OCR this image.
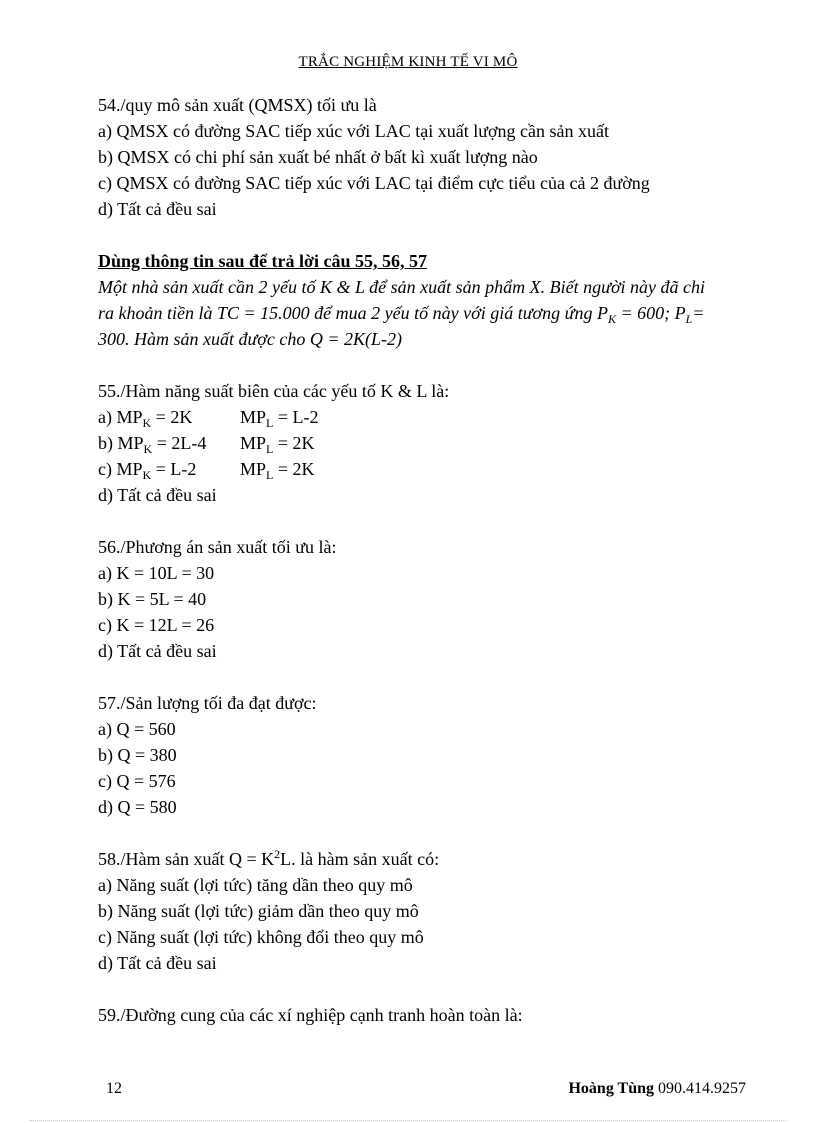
TRẮC NGHIỆM KINH TẾ VI MÔ
54./quy mô sản xuất (QMSX) tối ưu là
a) QMSX có đường SAC tiếp xúc với LAC tại xuất lượng cần sản xuất
b) QMSX có chi phí sản xuất bé nhất ở bất kì xuất lượng nào
c) QMSX có đường SAC tiếp xúc với LAC tại điểm cực tiểu của cả 2 đường
d) Tất cả đều sai
Dùng thông tin sau để trả lời câu 55, 56, 57
Một nhà sản xuất cần 2 yếu tố K & L để sản xuất sản phẩm X. Biết người này đã chi
ra khoản tiền là TC = 15.000 để mua 2 yếu tố này với giá tương ứng $P_K = 600$; $P_L=$
300. Hàm sản xuất được cho Q = 2K(L-2)
55./Hàm năng suất biên của các yếu tố K & L là:
a) $MP_K = 2K$	$MP_L = L-2$
b) $MP_K = 2L-4$ $MP_L = 2K$
c) $MP_K = L-2$ $MP_L = 2K$
d) Tất cả đều sai
56./Phương án sản xuất tối ưu là:
a) K = 10L = 30
b) K = 5L = 40
c) K = 12L = 26
d) Tất cả đều sai
57./Sản lượng tối đa đạt được:
a) Q = 560
b) Q = 380
c) Q = 576
d) Q = 580
58./Hàm sản xuất $Q = K^2L$. là hàm sản xuất có:
a) Năng suất (lợi tức) tăng dần theo quy mô
b) Năng suất (lợi tức) giảm dần theo quy mô
c) Năng suất (lợi tức) không đổi theo quy mô
d) Tất cả đều sai
59./Đường cung của các xí nghiệp cạnh tranh hoàn toàn là:
12	Hoàng Tùng 090.414.9257
